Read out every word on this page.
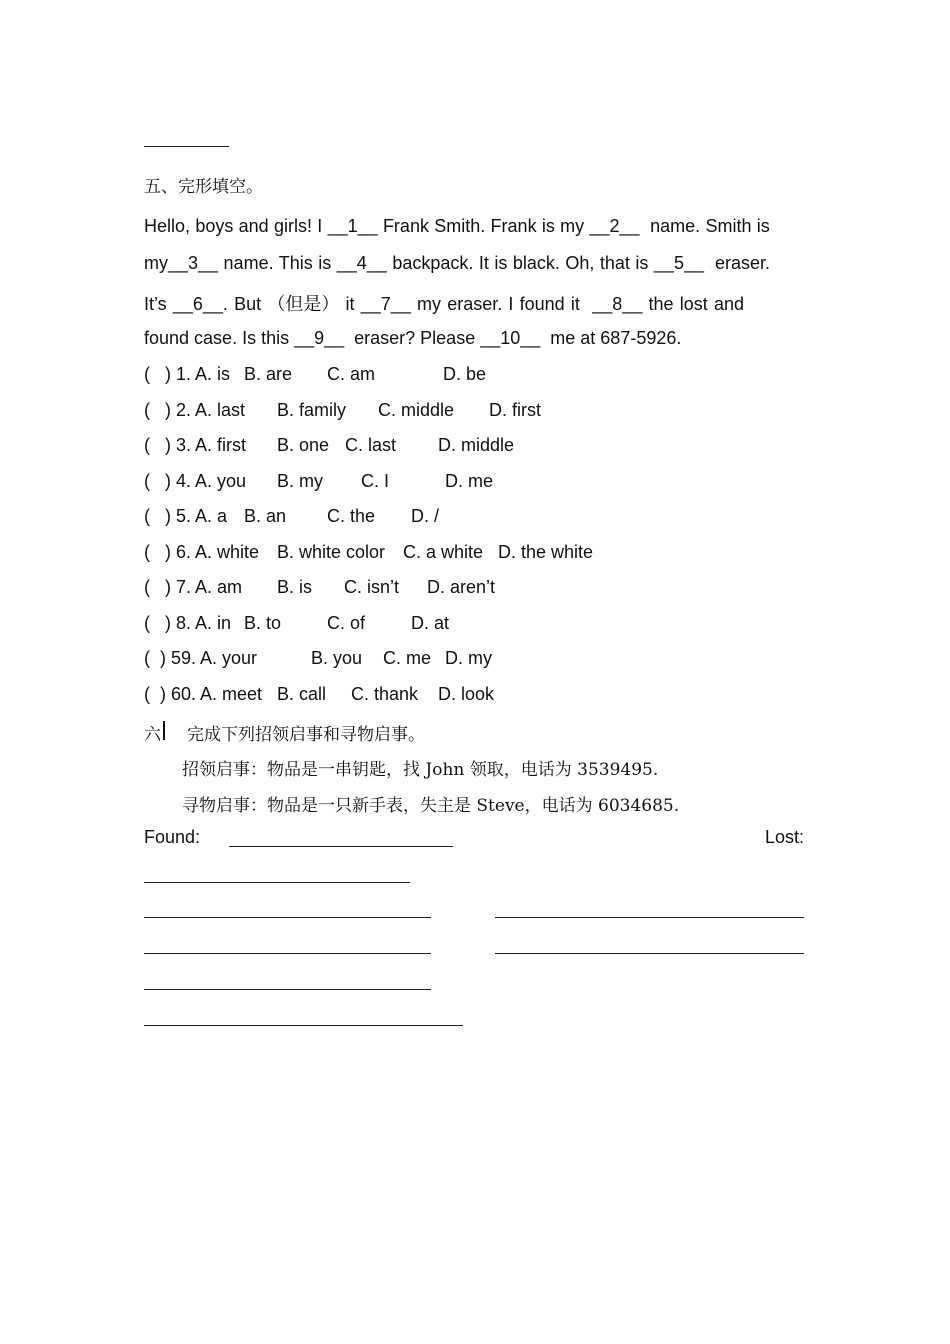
五、完形填空。
Hello, boys and girls! I __1__ Frank Smith. Frank is my __2__  name. Smith is
my__3__ name. This is __4__ backpack. It is black. Oh, that is __5__  eraser.
It’s __6__. But （但是） it __7__ my eraser. I found it  __8__ the lost and
found case. Is this __9__  eraser? Please __10__  me at 687-5926.
(   ) 1. A. is B. are C. am	D. be
(   ) 2. A. last B. family C. middle D. first
(   ) 3. A. first B. one C. last D. middle
(   ) 4. A. you B. my C. I	D. me
(   ) 5. A. a B. an C. the D. /
(   ) 6. A. white B. white color C. a white D. the white
(   ) 7. A. am B. is C. isn’t D. aren’t
(   ) 8. A. in B. to	C. of	D. at
(  ) 59. A. your	B. you C. me D. my
(  ) 60. A. meet B. call C. thank D. look
六 完成下列招领启事和寻物启事。
招领启事：物品是一串钥匙，找 John 领取，电话为 3539495.
寻物启事：物品是一只新手表，失主是 Steve，电话为 6034685.
Found:	Lost:
